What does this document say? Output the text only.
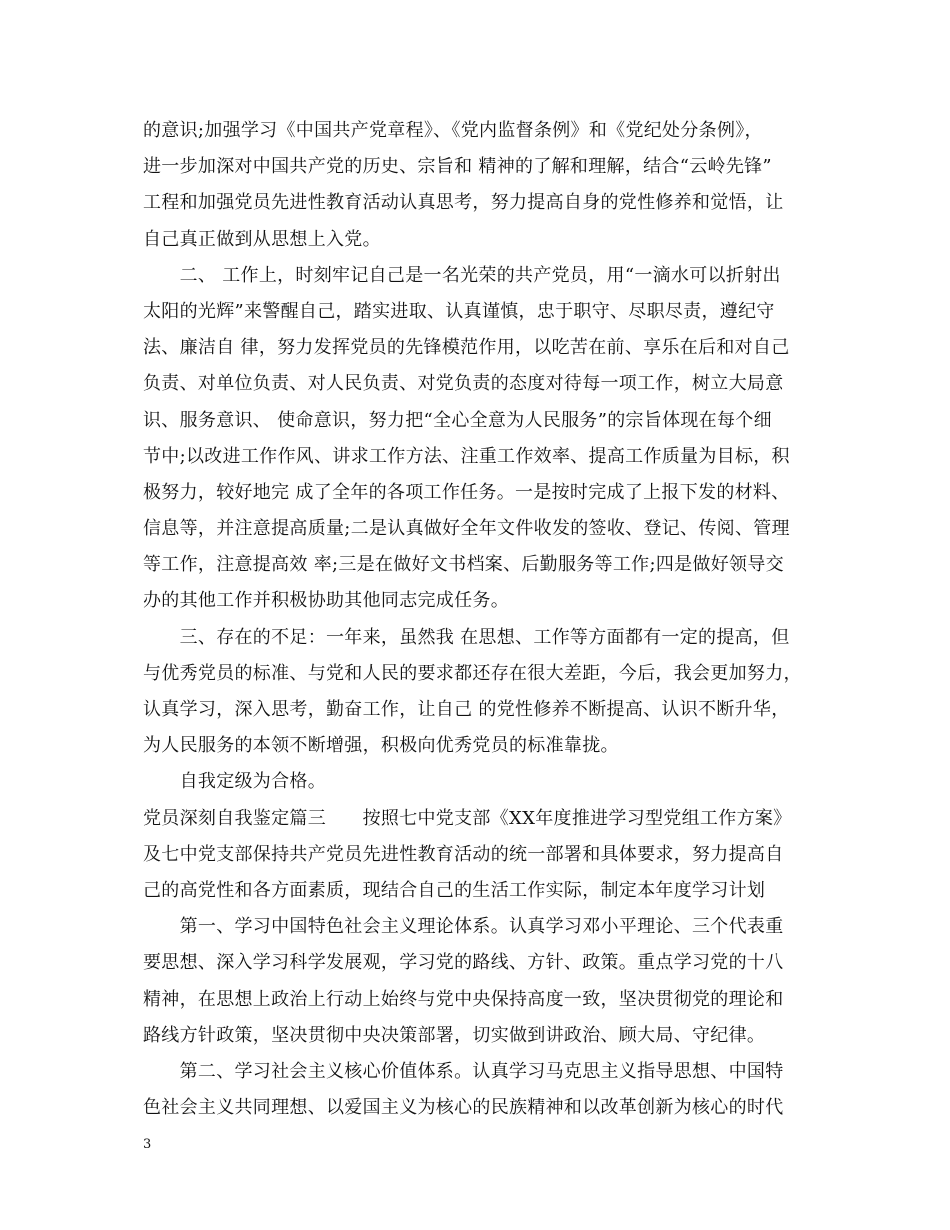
的意识;加强学习《中国共产党章程》、《党内监督条例》和《党纪处分条例》，
进一步加深对中国共产党的历史、宗旨和 精神的了解和理解，结合“云岭先锋”
工程和加强党员先进性教育活动认真思考，努力提高自身的党性修养和觉悟，让
自己真正做到从思想上入党。
　　二、 工作上，时刻牢记自己是一名光荣的共产党员，用“一滴水可以折射出
太阳的光辉”来警醒自己，踏实进取、认真谨慎，忠于职守、尽职尽责，遵纪守
法、廉洁自 律，努力发挥党员的先锋模范作用，以吃苦在前、享乐在后和对自己
负责、对单位负责、对人民负责、对党负责的态度对待每一项工作，树立大局意
识、服务意识、 使命意识，努力把“全心全意为人民服务”的宗旨体现在每个细
节中;以改进工作作风、讲求工作方法、注重工作效率、提高工作质量为目标，积
极努力，较好地完 成了全年的各项工作任务。一是按时完成了上报下发的材料、
信息等，并注意提高质量;二是认真做好全年文件收发的签收、登记、传阅、管理
等工作，注意提高效 率;三是在做好文书档案、后勤服务等工作;四是做好领导交
办的其他工作并积极协助其他同志完成任务。
　　三、存在的不足：一年来，虽然我 在思想、工作等方面都有一定的提高，但
与优秀党员的标准、与党和人民的要求都还存在很大差距，今后，我会更加努力，
认真学习，深入思考，勤奋工作，让自己 的党性修养不断提高、认识不断升华，
为人民服务的本领不断增强，积极向优秀党员的标准靠拢。
　　自我定级为合格。
党员深刻自我鉴定篇三　　按照七中党支部《XX年度推进学习型党组工作方案》
及七中党支部保持共产党员先进性教育活动的统一部署和具体要求，努力提高自
己的高党性和各方面素质，现结合自己的生活工作实际，制定本年度学习计划
　　第一、学习中国特色社会主义理论体系。认真学习邓小平理论、三个代表重
要思想、深入学习科学发展观，学习党的路线、方针、政策。重点学习党的十八
精神，在思想上政治上行动上始终与党中央保持高度一致，坚决贯彻党的理论和
路线方针政策，坚决贯彻中央决策部署，切实做到讲政治、顾大局、守纪律。
　　第二、学习社会主义核心价值体系。认真学习马克思主义指导思想、中国特
色社会主义共同理想、以爱国主义为核心的民族精神和以改革创新为核心的时代
3
